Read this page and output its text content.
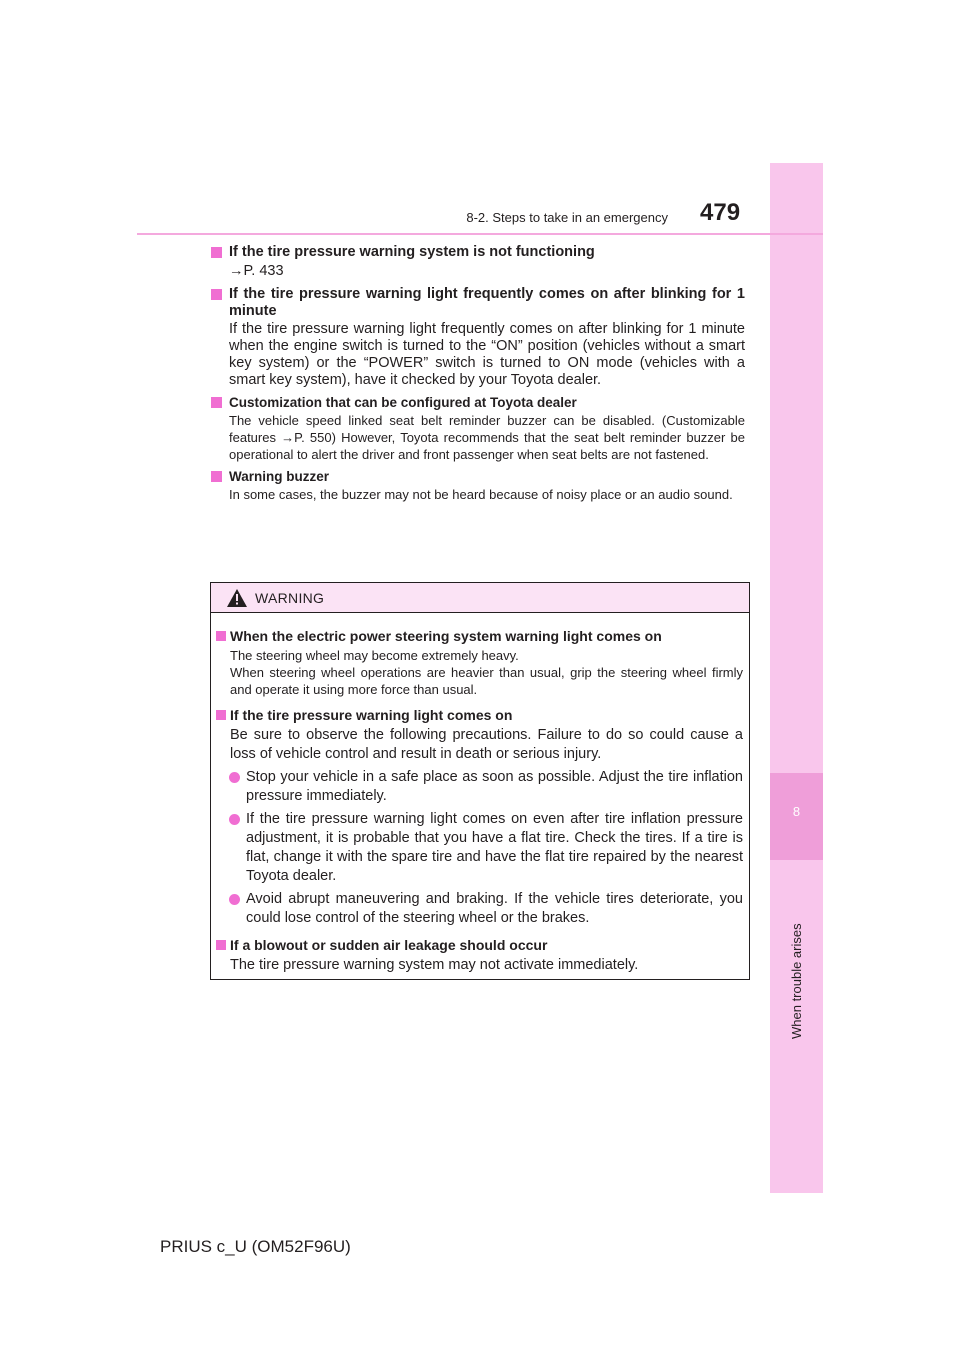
8
8-2. Steps to take in an emergency 479
If the tire pressure warning system is not functioning
→P. 433
If the tire pressure warning light frequently comes on after blinking for 1 minute
If the tire pressure warning light frequently comes on after blinking for 1 minute when the engine switch is turned to the “ON” position (vehicles without a smart key system) or the “POWER” switch is turned to ON mode (vehicles with a smart key system), have it checked by your Toyota dealer.
Customization that can be configured at Toyota dealer
The vehicle speed linked seat belt reminder buzzer can be disabled. (Customizable features →P. 550) However, Toyota recommends that the seat belt reminder buzzer be operational to alert the driver and front passenger when seat belts are not fastened.
Warning buzzer
In some cases, the buzzer may not be heard because of noisy place or an audio sound.
WARNING
When the electric power steering system warning light comes on
The steering wheel may become extremely heavy.
When steering wheel operations are heavier than usual, grip the steering wheel firmly and operate it using more force than usual.
If the tire pressure warning light comes on
Be sure to observe the following precautions. Failure to do so could cause a loss of vehicle control and result in death or serious injury.
Stop your vehicle in a safe place as soon as possible. Adjust the tire inflation pressure immediately.
If the tire pressure warning light comes on even after tire inflation pressure adjustment, it is probable that you have a flat tire. Check the tires. If a tire is flat, change it with the spare tire and have the flat tire repaired by the nearest Toyota dealer.
Avoid abrupt maneuvering and braking. If the vehicle tires deteriorate, you could lose control of the steering wheel or the brakes.
If a blowout or sudden air leakage should occur
The tire pressure warning system may not activate immediately.
PRIUS c_U (OM52F96U)
